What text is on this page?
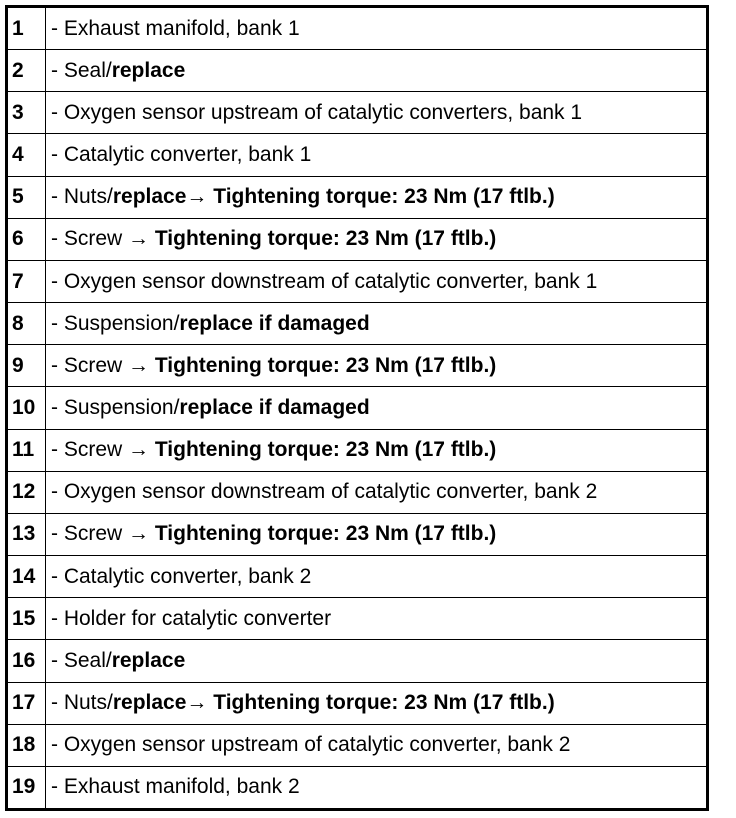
1	- Exhaust manifold, bank 1
2	- Seal/ replace
3	- Oxygen sensor upstream of catalytic converters, bank 1
4	- Catalytic converter, bank 1
5	- Nuts/ replace → Tightening torque: 23 Nm (17 ftlb.)
6	- Screw → Tightening torque: 23 Nm (17 ftlb.)
7	- Oxygen sensor downstream of catalytic converter, bank 1
8	- Suspension/ replace if damaged
9	- Screw → Tightening torque: 23 Nm (17 ftlb.)
10 - Suspension/ replace if damaged
11 - Screw → Tightening torque: 23 Nm (17 ftlb.)
12 - Oxygen sensor downstream of catalytic converter, bank 2
13 - Screw → Tightening torque: 23 Nm (17 ftlb.)
14 - Catalytic converter, bank 2
15 - Holder for catalytic converter
16 - Seal/ replace
17 - Nuts/ replace → Tightening torque: 23 Nm (17 ftlb.)
18 - Oxygen sensor upstream of catalytic converter, bank 2
19 - Exhaust manifold, bank 2
